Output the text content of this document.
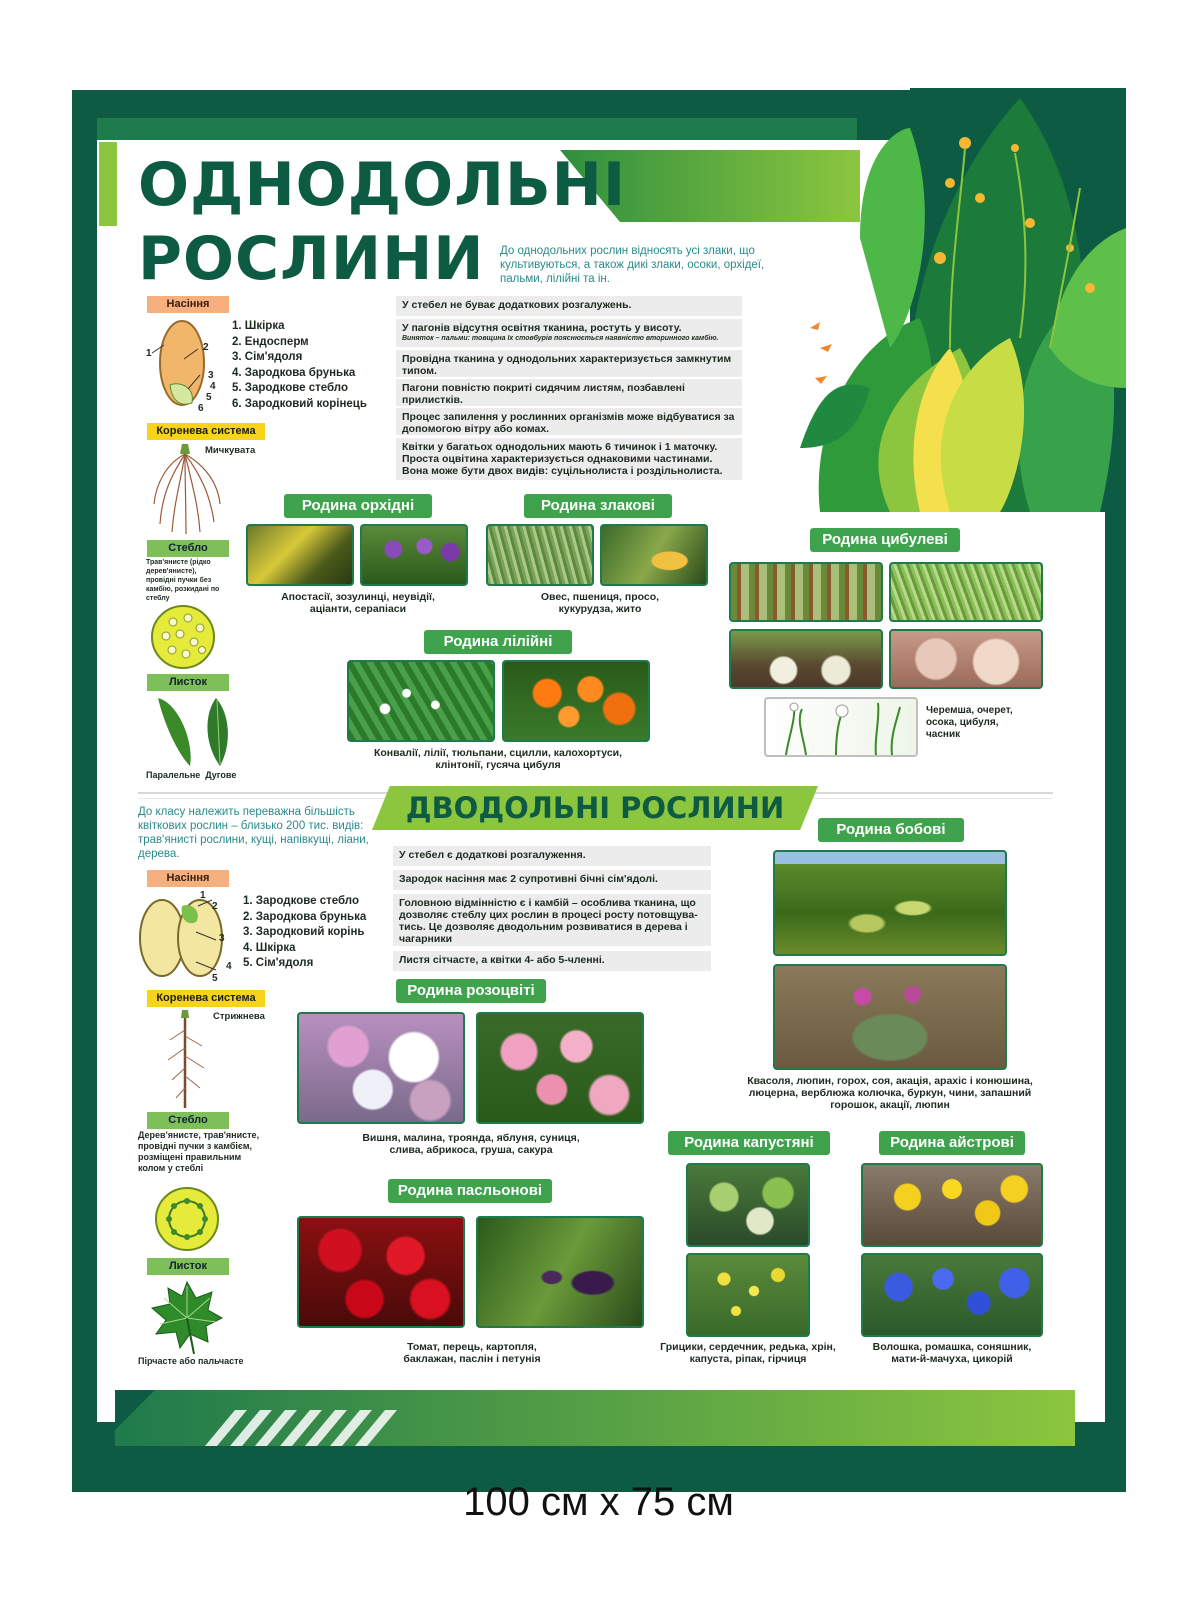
ОДНОДОЛЬНІ
РОСЛИНИ	До однодольних рослин відносять усі злаки, що культивуються, а також дикі злаки, осоки, орхідеї, пальми, лілійні та ін.
Насіння
1
2
3
4
5
6
1. Шкірка
2. Ендосперм
3. Сім'ядоля
4. Зародкова брунька
5. Зародкове стебло
6. Зародковий корінець
Коренева система
Мичкувата
Стебло
Трав'янисте (рідко дерев'янисте), провідні пучки без камбію, розкидані по стеблу
Листок
Паралельне  Дугове
У стебел не буває додаткових розгалужень.
У пагонів відсутня освітня тканина, ростуть у висоту.
Виняток – пальми: товщина їх стовбурів пояснюється наявністю вторинного камбію.
Провідна тканина у однодольних характеризується замкнутим типом.
Пагони повністю покриті сидячим листям, позбавлені прилистків.
Процес запилення у рослинних організмів може відбуватися за допомогою вітру або комах.
Квітки у багатьох однодольних мають 6 тичинок і 1 маточку. Проста оцвітина характеризується однаковими частинами. Вона може бути двох видів: суцільнолиста і роздільнолиста.
Родина орхідні
Апостасії, зозулинці, неувідії, аціанти, серапіаси
Родина злакові
Овес, пшениця, просо, кукурудза, жито
Родина цибулеві
Черемша, очерет, осока, цибуля, часник
Родина лілійні
Конвалії, лілії, тюльпани, сцилли, калохортуси, клінтонії, гусяча цибуля
ДВОДОЛЬНІ РОСЛИНИ
До класу належить переважна більшість квіткових рослин – близько 200 тис. видів: трав'янисті рослини, кущі, напівкущі, ліани, дерева.
Насіння
1
2
3
4
5
1. Зародкове стебло
2. Зародкова брунька
3. Зародковий корінь
4. Шкірка
5. Сім'ядоля
Коренева система
Стрижнева
Стебло
Дерев'янисте, трав'янисте, провідні пучки з камбієм, розміщені правильним колом у стеблі
Листок
Пірчасте або пальчасте
У стебел є додаткові розгалуження.
Зародок насіння має 2 супротивні бічні сім'ядолі.
Головною відмінністю є і камбій – особлива тканина, що дозволяє стеблу цих рослин в процесі росту потовщува-тись. Це дозволяє дводольним розвиватися в дерева і чагарники
Листя сітчасте, а квітки 4- або 5-членні.
Родина бобові
Квасоля, люпин, горох, соя, акація, арахіс і конюшина, люцерна, верблюжа колючка, буркун, чини, запашний горошок, акації, люпин
Родина розоцвіті
Вишня, малина, троянда, яблуня, суниця, слива, абрикоса, груша, сакура
Родина пасльонові
Томат, перець, картопля, баклажан, паслін і петунія
Родина капустяні
Грицики, сердечник, редька, хрін, капуста, ріпак, гірчиця
Родина айстрові
Волошка, ромашка, соняшник, мати-й-мачуха, цикорій
100 см х 75 см
